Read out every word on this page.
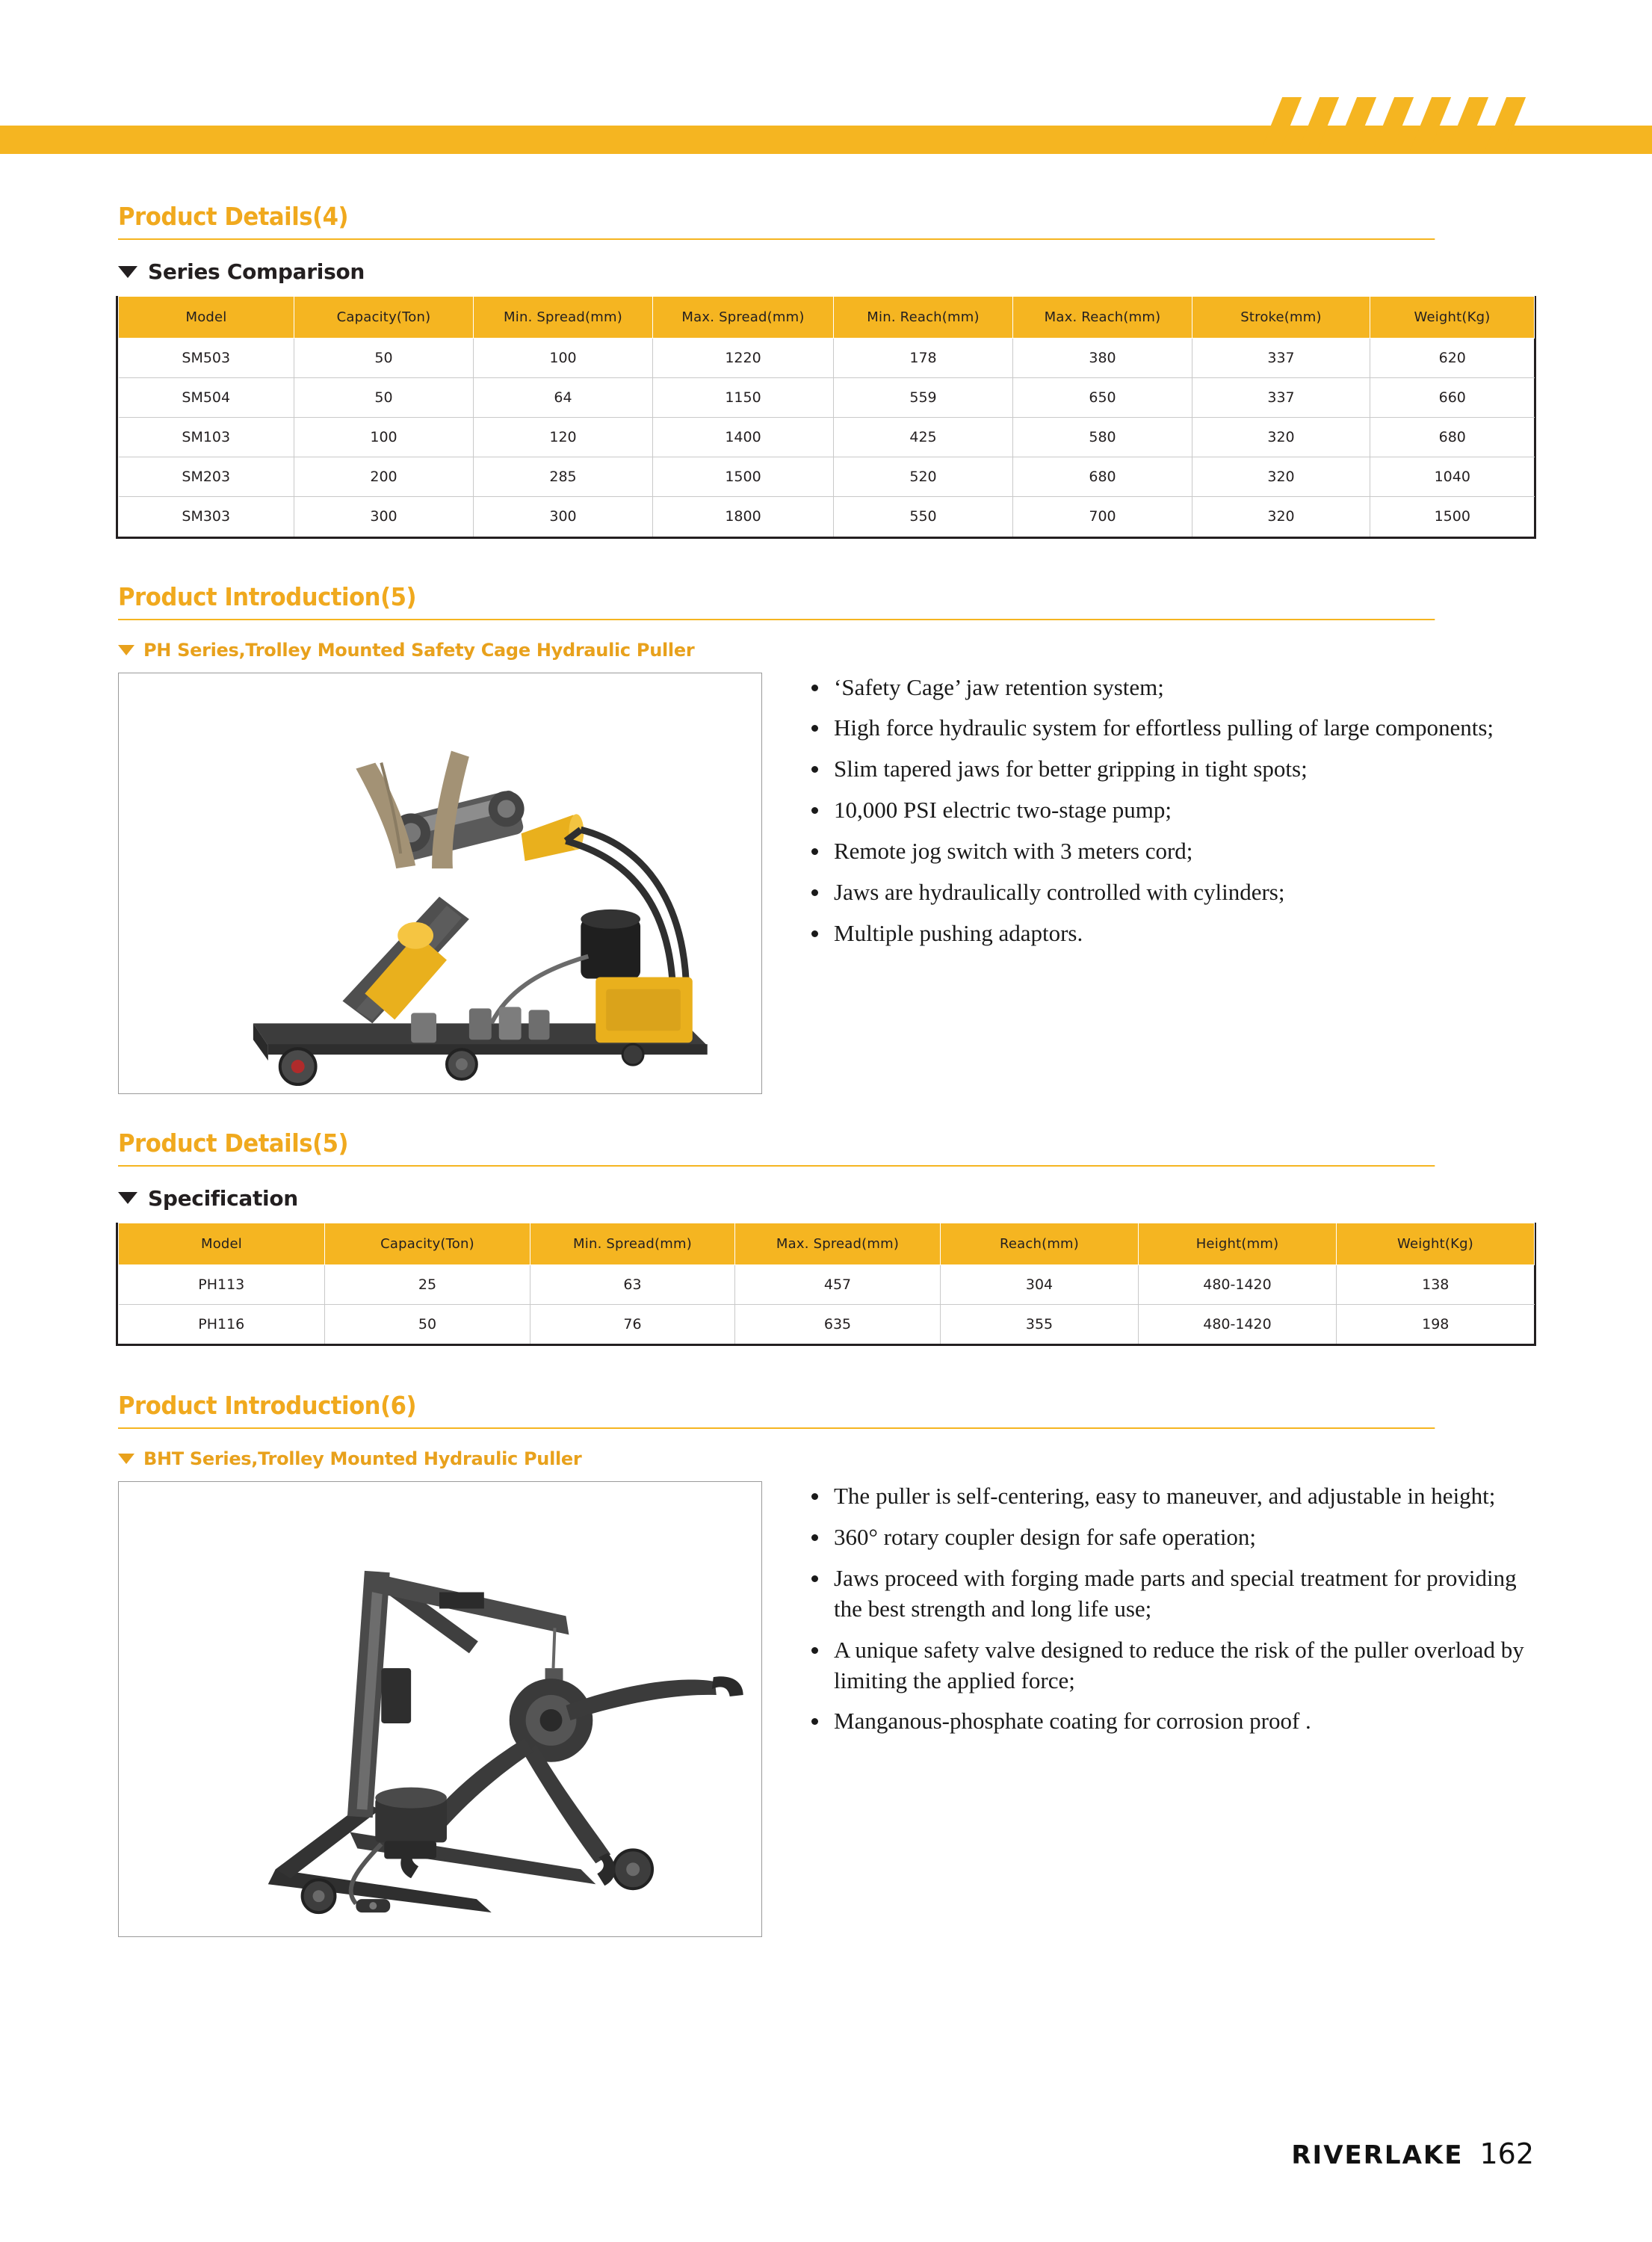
Product Details(4)
Series Comparison
Model	Capacity(Ton)	Min. Spread(mm)	Max. Spread(mm)	Min. Reach(mm)	Max. Reach(mm)	Stroke(mm)	Weight(Kg)
SM503	50	100	1220	178	380	337	620
SM504	50	64	1150	559	650	337	660
SM103	100	120	1400	425	580	320	680
SM203	200	285	1500	520	680	320	1040
SM303	300	300	1800	550	700	320	1500
Product Introduction(5)
PH Series,Trolley Mounted Safety Cage Hydraulic Puller
‘Safety Cage’ jaw retention system;
High force hydraulic system for effortless pulling of large components;
Slim tapered jaws for better gripping in tight spots;
10,000 PSI electric two-stage pump;
Remote jog switch with 3 meters cord;
Jaws are hydraulically controlled with cylinders;
Multiple pushing adaptors.
Product Details(5)
Specification
Model	Capacity(Ton)	Min. Spread(mm)	Max. Spread(mm)	Reach(mm)	Height(mm)	Weight(Kg)
PH113	25	63	457	304	480-1420	138
PH116	50	76	635	355	480-1420	198
Product Introduction(6)
BHT Series,Trolley Mounted Hydraulic Puller
The puller is self-centering, easy to maneuver, and adjustable in height;
360° rotary coupler design for safe operation;
Jaws proceed with forging made parts and special treatment for providing the best strength and long life use;
A unique safety valve designed to reduce the risk of the puller overload by limiting the applied force;
Manganous-phosphate coating for corrosion proof .
RIVERLAKE 162
